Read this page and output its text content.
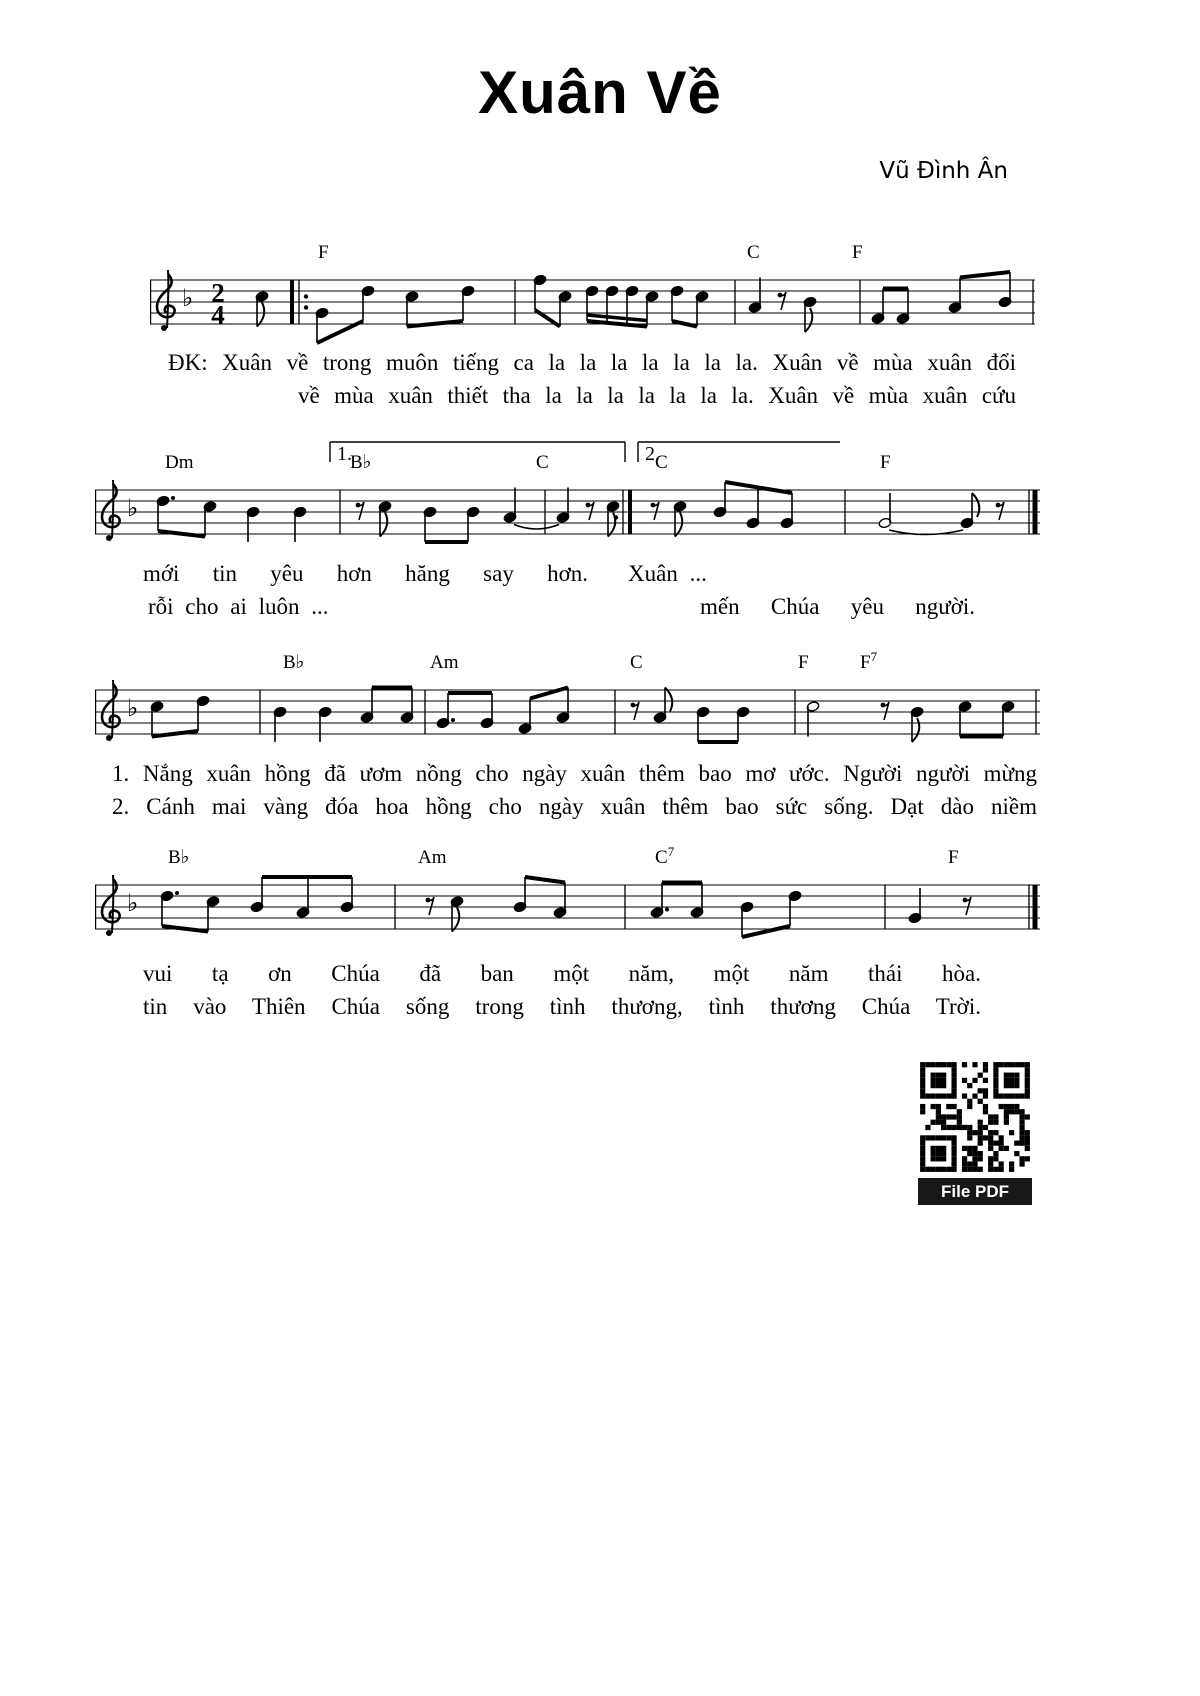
Xuân Về
Vũ Đình Ân
♭ 2
4
F	C	F
ĐK: Xuân về trong muôn tiếng ca la la la la la la la. Xuân về mùa xuân đổi
về mùa xuân thiết tha la la la la la la la. Xuân về mùa xuân cứu
♭
1.	2.
Dm	B♭	C	C	F
mới tin yêu hơn hăng say hơn. Xuân ...
rỗi cho ai luôn ...	mến Chúa yêu người.
♭
B♭	Am	C	F	$F^7$
1. Nắng xuân hồng đã ươm nồng cho ngày xuân thêm bao mơ ước. Người người mừng
2. Cánh mai vàng đóa hoa hồng cho ngày xuân thêm bao sức sống. Dạt dào niềm
♭
B♭	Am	$C^7$	F
vui tạ ơn Chúa đã ban một năm, một năm thái hòa.
tin vào Thiên Chúa sống trong tình thương, tình thương Chúa Trời.
File PDF
